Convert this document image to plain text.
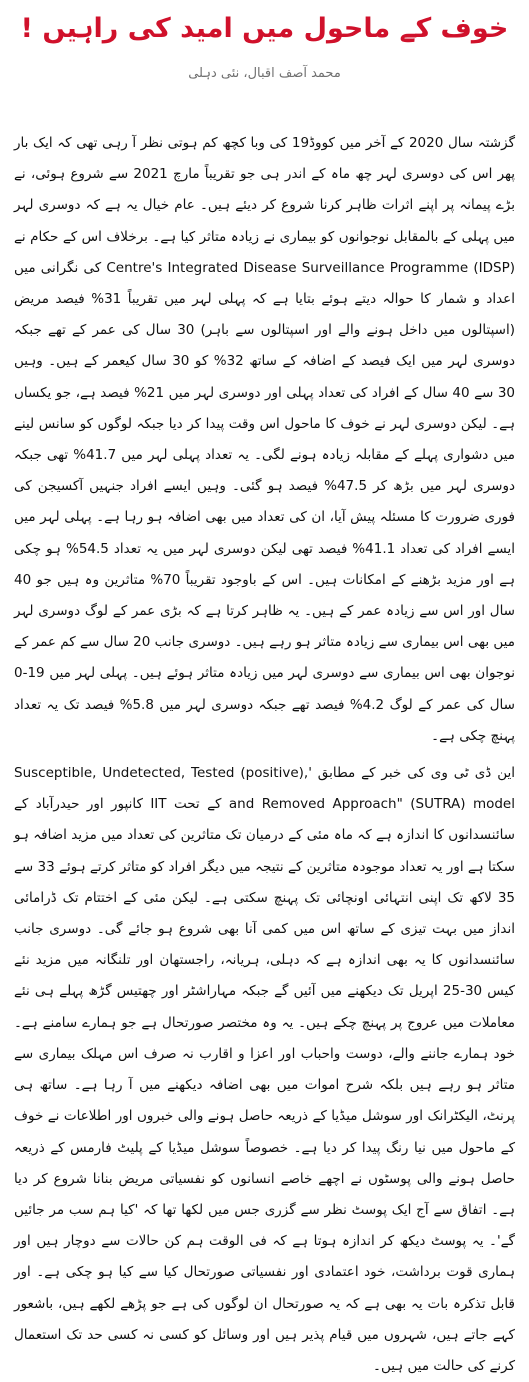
خوف کے ماحول میں امید کی راہیں !
محمد آصف اقبال، نئی دہلی

گزشتہ سال 2020 کے آخر میں کووڈ19 کی وبا کچھ کم ہوتی نظر آ رہی تھی کہ ایک بار پھر اس کی دوسری لہر چھ ماہ کے اندر ہی جو تقریباً مارچ 2021 سے شروع ہوئی، نے بڑے پیمانہ پر اپنے اثرات ظاہر کرنا شروع کر دیئے ہیں۔ عام خیال یہ ہے کہ دوسری لہر میں پہلی کے بالمقابل نوجوانوں کو بیماری نے زیادہ متاثر کیا ہے۔ برخلاف اس کے حکام نے Centre's Integrated Disease Surveillance Programme (IDSP) کی نگرانی میں اعداد و شمار کا حوالہ دیتے ہوئے بتایا ہے کہ پہلی لہر میں تقریباً 31% فیصد مریض (اسپتالوں میں داخل ہونے والے اور اسپتالوں سے باہر) 30 سال کی عمر کے تھے جبکہ دوسری لہر میں ایک فیصد کے اضافہ کے ساتھ 32% کو 30 سال کیعمر کے ہیں۔ وہیں 30 سے 40 سال کے افراد کی تعداد پہلی اور دوسری لہر میں 21% فیصد ہے، جو یکساں ہے۔ لیکن دوسری لہر نے خوف کا ماحول اس وقت پیدا کر دیا جبکہ لوگوں کو سانس لینے میں دشواری پہلے کے مقابلہ زیادہ ہونے لگی۔ یہ تعداد پہلی لہر میں 41.7% تھی جبکہ دوسری لہر میں بڑھ کر 47.5% فیصد ہو گئی۔ وہیں ایسے افراد جنہیں آکسیجن کی فوری ضرورت کا مسئلہ پیش آیا، ان کی تعداد میں بھی اضافہ ہو رہا ہے۔ پہلی لہر میں ایسے افراد کی تعداد 41.1% فیصد تھی لیکن دوسری لہر میں یہ تعداد 54.5% ہو چکی ہے اور مزید بڑھنے کے امکانات ہیں۔ اس کے باوجود تقریباً 70% متاثرین وہ ہیں جو 40 سال اور اس سے زیادہ عمر کے ہیں۔ یہ ظاہر کرتا ہے کہ بڑی عمر کے لوگ دوسری لہر میں بھی اس بیماری سے زیادہ متاثر ہو رہے ہیں۔ دوسری جانب 20 سال سے کم عمر کے نوجوان بھی اس بیماری سے دوسری لہر میں زیادہ متاثر ہوئے ہیں۔ پہلی لہر میں 19-0 سال کی عمر کے لوگ 4.2% فیصد تھے جبکہ دوسری لہر میں 5.8% فیصد تک یہ تعداد پہنچ چکی ہے۔

این ڈی ٹی وی کی خبر کے مطابق 'Susceptible, Undetected, Tested (positive), and Removed Approach" (SUTRA) model کے تحت IIT کانپور اور حیدرآباد کے سائنسدانوں کا اندازہ ہے کہ ماہ مئی کے درمیان تک متاثرین کی تعداد میں مزید اضافہ ہو سکتا ہے اور یہ تعداد موجودہ متاثرین کے نتیجہ میں دیگر افراد کو متاثر کرتے ہوئے 33 سے 35 لاکھ تک اپنی انتہائی اونچائی تک پہنچ سکتی ہے۔ لیکن مئی کے اختتام تک ڈرامائی انداز میں بہت تیزی کے ساتھ اس میں کمی آنا بھی شروع ہو جائے گی۔ دوسری جانب سائنسدانوں کا یہ بھی اندازہ ہے کہ دہلی، ہریانہ، راجستھان اور تلنگانہ میں مزید نئے کیس 30-25 اپریل تک دیکھنے میں آئیں گے جبکہ مہاراشٹر اور چھتیس گڑھ پہلے ہی نئے معاملات میں عروج پر پہنچ چکے ہیں۔ یہ وہ مختصر صورتحال ہے جو ہمارے سامنے ہے۔ خود ہمارے جاننے والے، دوست واحباب اور اعزا و اقارب نہ صرف اس مہلک بیماری سے متاثر ہو رہے ہیں بلکہ شرح اموات میں بھی اضافہ دیکھنے میں آ رہا ہے۔ ساتھ ہی پرنٹ، الیکٹرانک اور سوشل میڈیا کے ذریعہ حاصل ہونے والی خبروں اور اطلاعات نے خوف کے ماحول میں نیا رنگ پیدا کر دیا ہے۔ خصوصاً سوشل میڈیا کے پلیٹ فارمس کے ذریعہ حاصل ہونے والی پوسٹوں نے اچھے خاصے انسانوں کو نفسیاتی مریض بنانا شروع کر دیا ہے۔ اتفاق سے آج ایک پوسٹ نظر سے گزری جس میں لکھا تھا کہ 'کیا ہم سب مر جائیں گے'۔ یہ پوسٹ دیکھ کر اندازہ ہوتا ہے کہ فی الوقت ہم کن حالات سے دوچار ہیں اور ہماری قوت برداشت، خود اعتمادی اور نفسیاتی صورتحال کیا سے کیا ہو چکی ہے۔ اور قابل تذکرہ بات یہ بھی ہے کہ یہ صورتحال ان لوگوں کی ہے جو پڑھے لکھے ہیں، باشعور کہے جاتے ہیں، شہروں میں قیام پذیر ہیں اور وسائل کو کسی نہ کسی حد تک استعمال کرنے کی حالت میں ہیں۔
